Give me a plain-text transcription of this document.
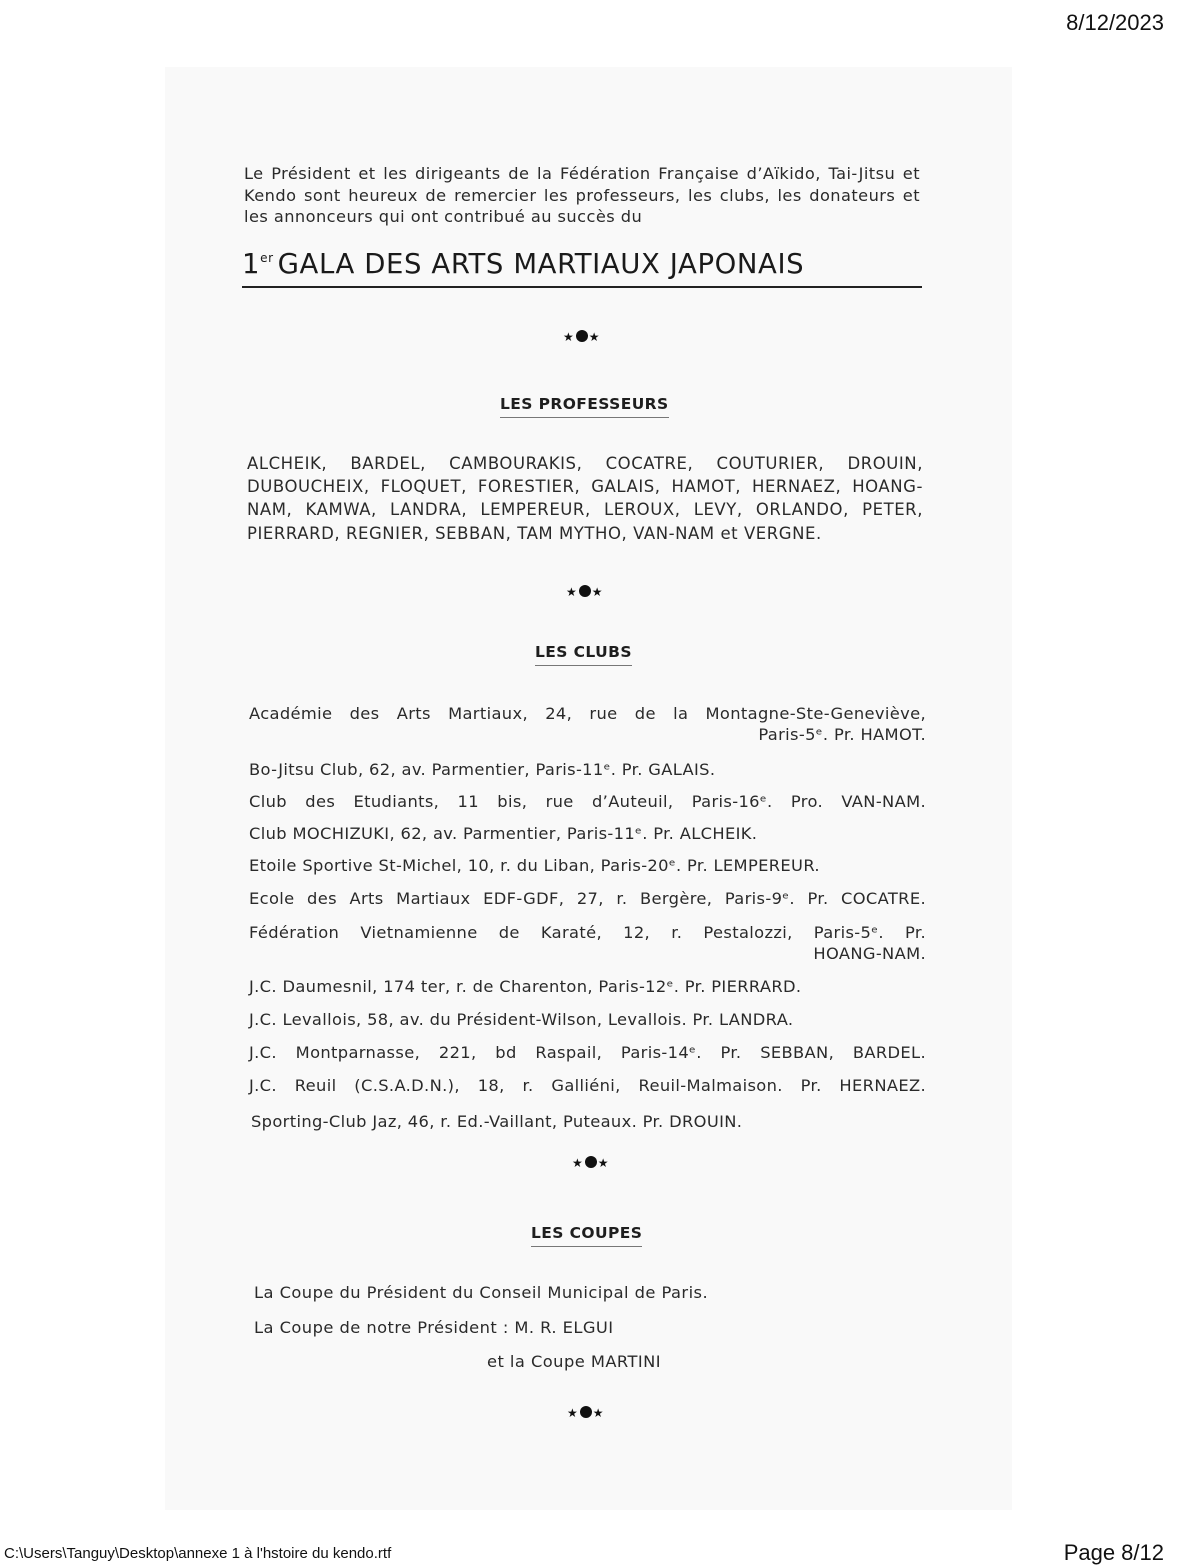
8/12/2023
Le Président et les dirigeants de la Fédération Française d’Aïkido, Tai-Jitsu et Kendo sont heureux de remercier les professeurs, les clubs, les donateurs et les annonceurs qui ont contribué au succès du
1er GALA DES ARTS MARTIAUX JAPONAIS
★ ★
★ ★
★ ★
★ ★
LES PROFESSEURS
ALCHEIK, BARDEL, CAMBOURAKIS, COCATRE, COUTURIER, DROUIN, DUBOUCHEIX, FLOQUET, FORESTIER, GALAIS, HAMOT, HERNAEZ, HOANG-NAM, KAMWA, LANDRA, LEMPEREUR, LEROUX, LEVY, ORLANDO, PETER, PIERRARD, REGNIER, SEBBAN, TAM MYTHO, VAN-NAM et VERGNE.
LES CLUBS
Académie des Arts Martiaux, 24, rue de la Montagne-Ste-Geneviève,
Paris-5ᵉ. Pr. HAMOT.
Bo-Jitsu Club, 62, av. Parmentier, Paris-11ᵉ. Pr. GALAIS.
Club des Etudiants, 11 bis, rue d’Auteuil, Paris-16ᵉ. Pro. VAN-NAM.
Club MOCHIZUKI, 62, av. Parmentier, Paris-11ᵉ. Pr. ALCHEIK.
Etoile Sportive St-Michel, 10, r. du Liban, Paris-20ᵉ. Pr. LEMPEREUR.
Ecole des Arts Martiaux EDF-GDF, 27, r. Bergère, Paris-9ᵉ. Pr. COCATRE.
Fédération Vietnamienne de Karaté, 12, r. Pestalozzi, Paris-5ᵉ. Pr.
HOANG-NAM.
J.C. Daumesnil, 174 ter, r. de Charenton, Paris-12ᵉ. Pr. PIERRARD.
J.C. Levallois, 58, av. du Président-Wilson, Levallois. Pr. LANDRA.
J.C. Montparnasse, 221, bd Raspail, Paris-14ᵉ. Pr. SEBBAN, BARDEL.
J.C. Reuil (C.S.A.D.N.), 18, r. Galliéni, Reuil-Malmaison. Pr. HERNAEZ.
Sporting-Club Jaz, 46, r. Ed.-Vaillant, Puteaux. Pr. DROUIN.
LES COUPES
La Coupe du Président du Conseil Municipal de Paris.
La Coupe de notre Président : M. R. ELGUI
et la Coupe MARTINI
C:\Users\Tanguy\Desktop\annexe 1 à l'hstoire du kendo.rtf	Page 8/12
